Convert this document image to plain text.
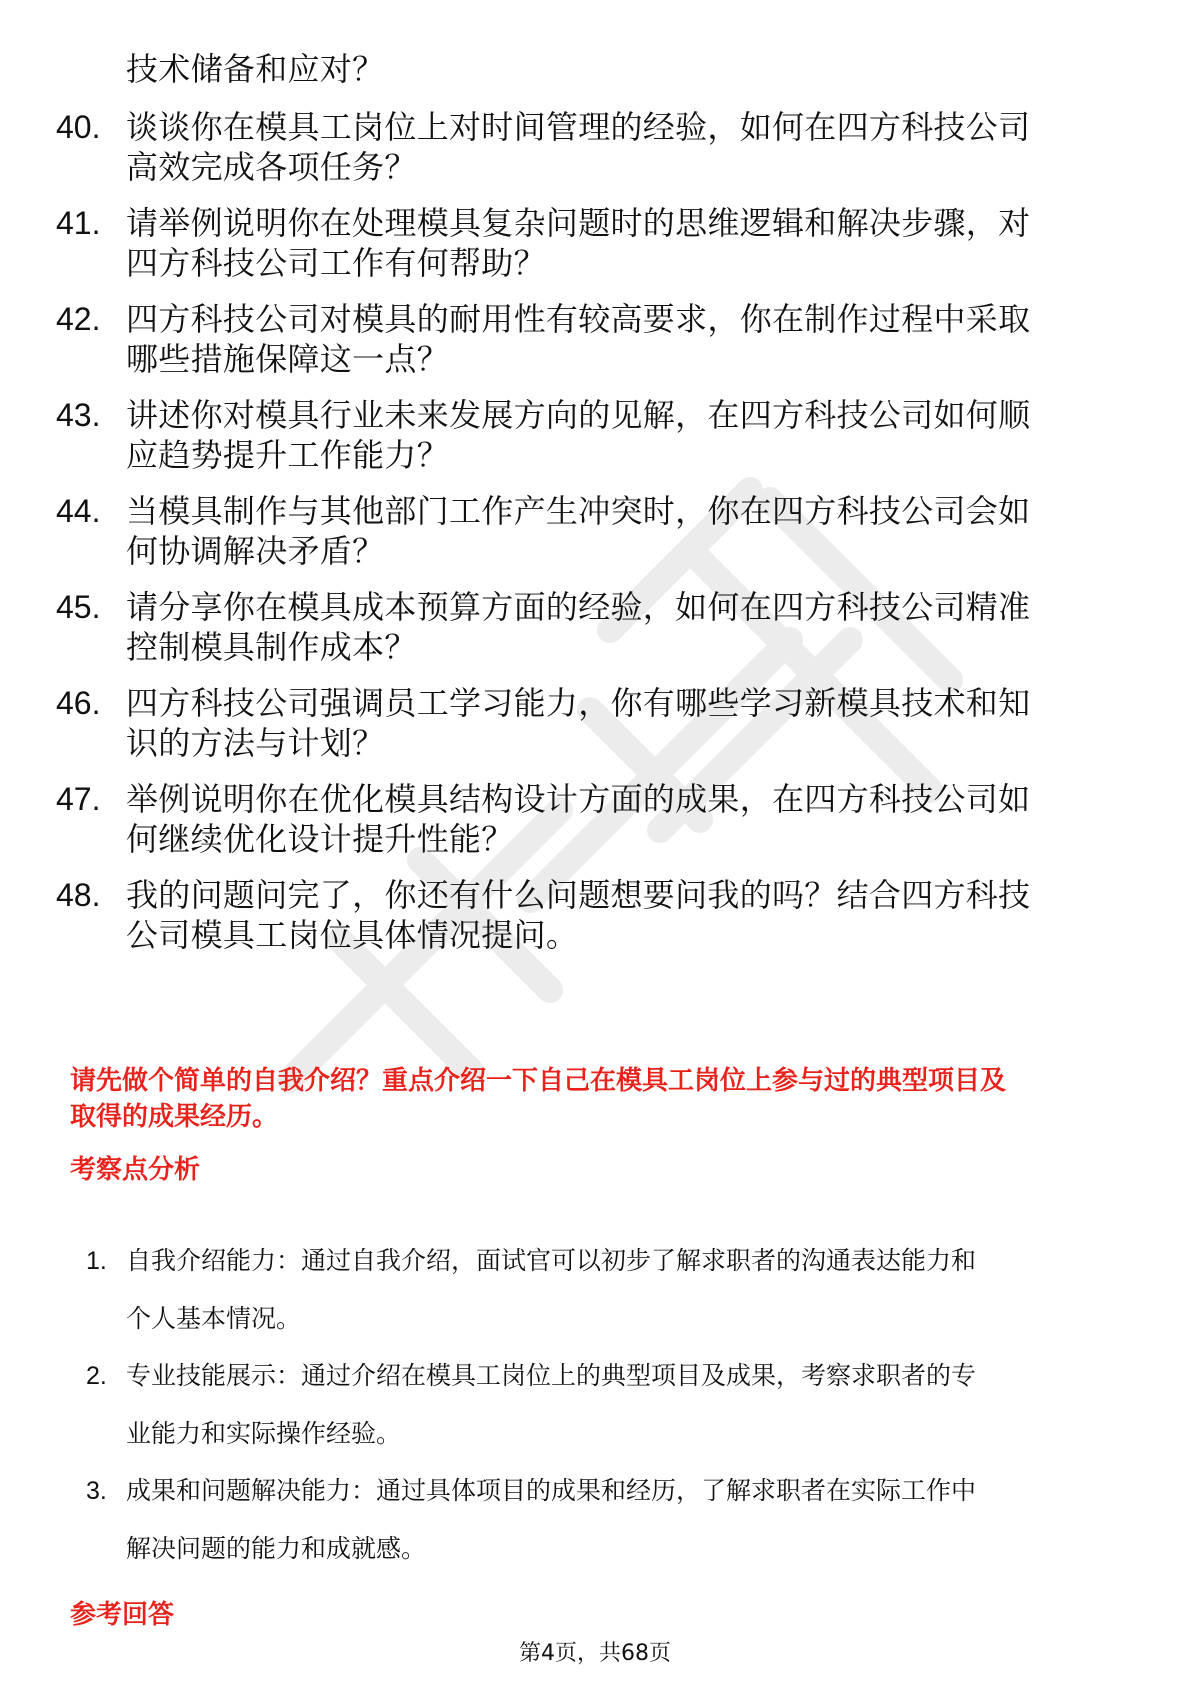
技术储备和应对？
40. 谈谈你在模具工岗位上对时间管理的经验，如何在四方科技公司
高效完成各项任务？
41. 请举例说明你在处理模具复杂问题时的思维逻辑和解决步骤，对
四方科技公司工作有何帮助？
42. 四方科技公司对模具的耐用性有较高要求，你在制作过程中采取
哪些措施保障这一点？
43. 讲述你对模具行业未来发展方向的见解，在四方科技公司如何顺
应趋势提升工作能力？
44. 当模具制作与其他部门工作产生冲突时，你在四方科技公司会如
何协调解决矛盾？
45. 请分享你在模具成本预算方面的经验，如何在四方科技公司精准
控制模具制作成本？
46. 四方科技公司强调员工学习能力，你有哪些学习新模具技术和知
识的方法与计划？
47. 举例说明你在优化模具结构设计方面的成果，在四方科技公司如
何继续优化设计提升性能？
48. 我的问题问完了，你还有什么问题想要问我的吗？结合四方科技
公司模具工岗位具体情况提问。
请先做个简单的自我介绍？重点介绍一下自己在模具工岗位上参与过的典型项目及
取得的成果经历。
考察点分析
1. 自我介绍能力：通过自我介绍，面试官可以初步了解求职者的沟通表达能力和
个人基本情况。
2. 专业技能展示：通过介绍在模具工岗位上的典型项目及成果，考察求职者的专
业能力和实际操作经验。
3. 成果和问题解决能力：通过具体项目的成果和经历，了解求职者在实际工作中
解决问题的能力和成就感。
参考回答
第4页，共68页
